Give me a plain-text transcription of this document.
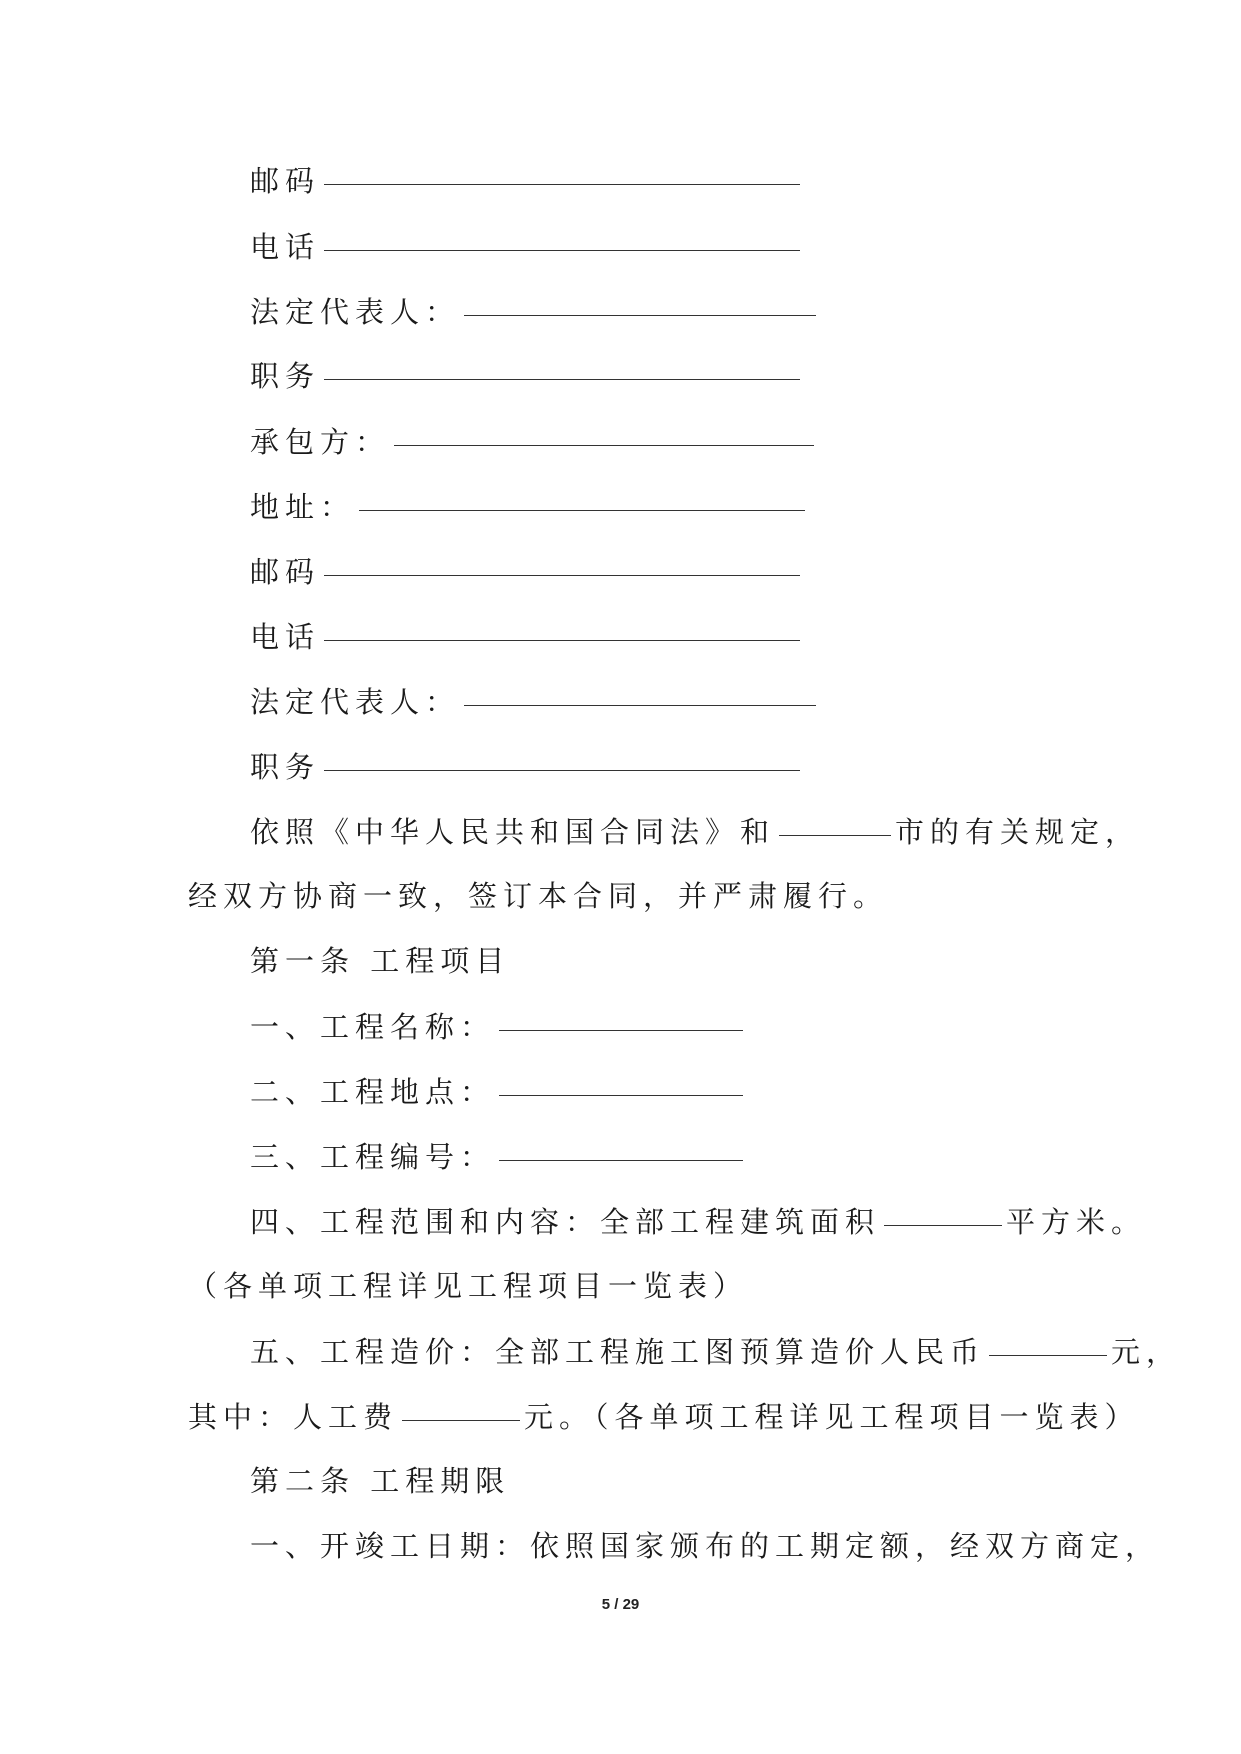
邮码
电话
法定代表人：
职务
承包方：
地址：
邮码
电话
法定代表人：
职务
依照《中华人民共和国合同法》和	市的有关规定，
经双方协商一致，签订本合同，并严肃履行。
第一条 工程项目
一、工程名称：
二、工程地点：
三、工程编号：
四、工程范围和内容：全部工程建筑面积	平方米。
（各单项工程详见工程项目一览表）
五、工程造价：全部工程施工图预算造价人民币	元，
其中：人工费	元。（各单项工程详见工程项目一览表）
第二条 工程期限
一、开竣工日期：依照国家颁布的工期定额，经双方商定，
5 / 29
